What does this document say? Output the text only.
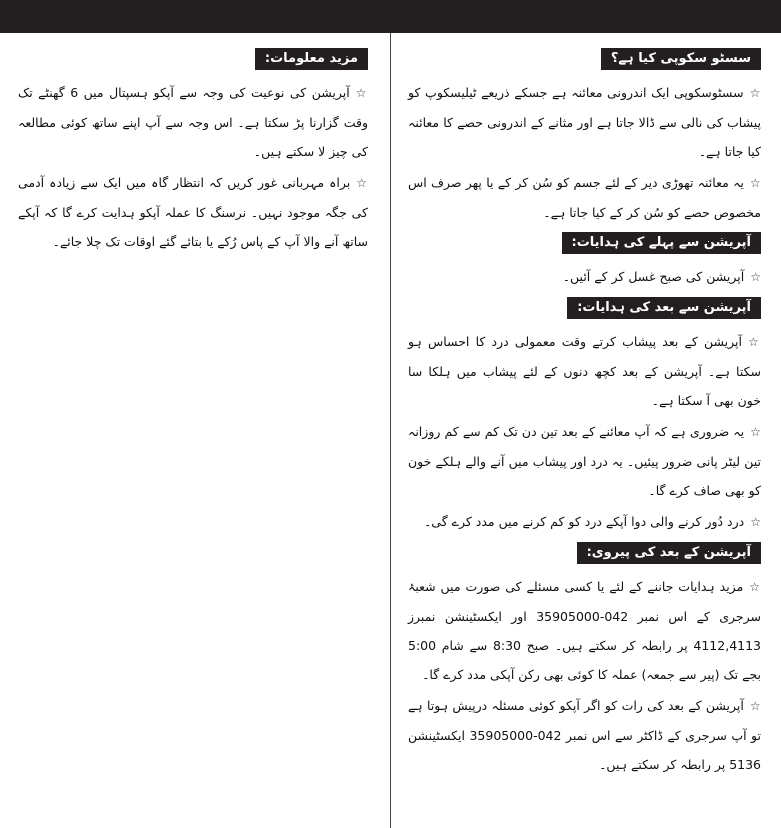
سسٹو سکوپی کیا ہے؟

☆سسٹوسکوپی ایک اندرونی معائنہ ہے جسکے ذریعے ٹیلیسکوپ کو پیشاب کی نالی سے ڈالا جاتا ہے اور مثانے کے اندرونی حصے کا معائنہ کیا جاتا ہے۔

☆یہ معائنہ تھوڑی دیر کے لئے جسم کو سُن کر کے یا پھر صرف اس مخصوص حصے کو سُن کر کے کیا جاتا ہے۔

آپریشن سے پہلے کی ہدایات:

☆آپریشن کی صبح غسل کر کے آئیں۔

آپریشن سے بعد کی ہدایات:

☆آپریشن کے بعد پیشاب کرتے وقت معمولی درد کا احساس ہو سکتا ہے۔ آپریشن کے بعد کچھ دنوں کے لئے پیشاب میں ہلکا سا خون بھی آ سکتا ہے۔

☆یہ ضروری ہے کہ آپ معائنے کے بعد تین دن تک کم سے کم روزانہ تین لیٹر پانی ضرور پیئیں۔ یہ درد اور پیشاب میں آنے والے ہلکے خون کو بھی صاف کرے گا۔

☆درد دُور کرنے والی دوا آپکے درد کو کم کرنے میں مدد کرے گی۔

آپریشن کے بعد کی پیروی:

☆مزید ہدایات جاننے کے لئے یا کسی مسئلے کی صورت میں شعبۂ سرجری کے اس نمبر 042-35905000 اور ایکسٹینشن نمبرز 4112,4113 پر رابطہ کر سکتے ہیں۔ صبح 8:30 سے شام 5:00 بجے تک (پیر سے جمعہ) عملہ کا کوئی بھی رکن آپکی مدد کرے گا۔

☆آپریشن کے بعد کی رات کو اگر آپکو کوئی مسئلہ درپیش ہوتا ہے تو آپ سرجری کے ڈاکٹر سے اس نمبر 042-35905000 ایکسٹینشن 5136 پر رابطہ کر سکتے ہیں۔

مزید معلومات:

☆آپریشن کی نوعیت کی وجہ سے آپکو ہسپتال میں 6 گھنٹے تک وقت گزارنا پڑ سکتا ہے۔ اس وجہ سے آپ اپنے ساتھ کوئی مطالعہ کی چیز لا سکتے ہیں۔

☆براہ مہربانی غور کریں کہ انتظار گاہ میں ایک سے زیادہ آدمی کی جگہ موجود نہیں۔ نرسنگ کا عملہ آپکو ہدایت کرے گا کہ آپکے ساتھ آنے والا آپ کے پاس رُکے یا بتائے گئے اوقات تک چلا جائے۔
